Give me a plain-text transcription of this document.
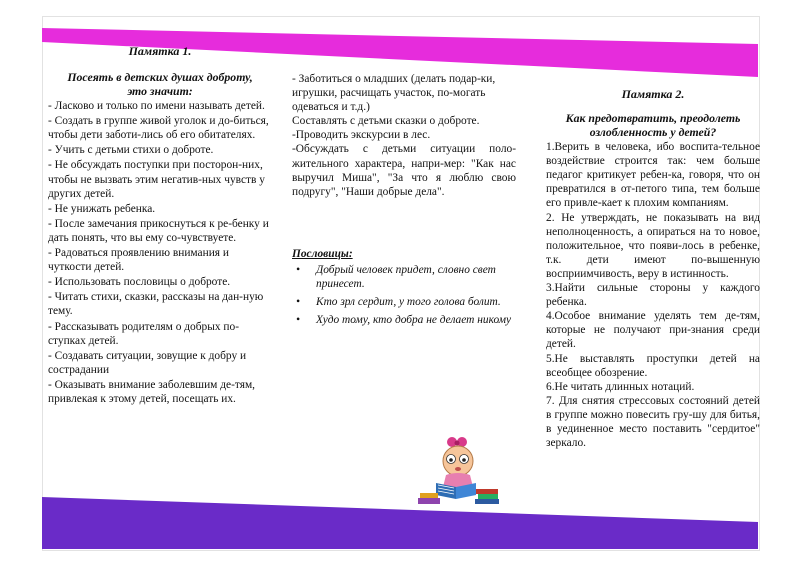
Памятка 1.

Посеять в детских душах доброту,

это значит:

- Ласково и только по имени называть детей.
- Создать в группе живой уголок и до-биться, чтобы дети заботи-лись об его обитателях.
- Учить с детьми стихи о доброте.
- Не обсуждать поступки при посторон-них, чтобы не вызвать этим негатив-ных чувств у других детей.
- Не унижать ребенка.
- После замечания прикоснуться к ре-бенку и дать понять, что вы ему со-чувствуете.
- Радоваться проявлению внимания и чуткости детей.
- Использовать пословицы о доброте.
- Читать стихи, сказки, рассказы на дан-ную тему.
- Рассказывать родителям о добрых по-ступках детей.
- Создавать ситуации, зовущие к добру и сострадании
- Оказывать внимание заболевшим де-тям, привлекая к этому детей, посещать их.
- Заботиться о младших (делать подар-ки, игрушки, расчищать участок, по-могать одеваться и т.д.)
Составлять с детьми сказки о доброте.
-Проводить экскурсии в лес.
-Обсуждать с детьми ситуации поло-жительного характера, напри-мер: "Как нас выручил Миша", "За что я люблю свою подругу", "Наши добрые дела".

Пословицы:

• Добрый человек придет, словно свет принесет.
• Кто зрл сердит, у того голова болит.
• Худо тому, кто добра не делает никому

Памятка 2.

Как предотвратить, преодолеть

озлобленность у детей?

1.Верить в человека, ибо воспита-тельное воздействие строится так: чем больше педагог критикует ребен-ка, говоря, что он превратился в от-петого типа, тем больше его привле-кает к плохим компаниям.
2. Не утверждать, не показывать на вид неполноценность, а опираться на то новое, положительное, что появи-лось в ребенке, т.к. дети имеют по-вышенную восприимчивость, веру в истинность.
3.Найти сильные стороны у каждого ребенка.
4.Особое внимание уделять тем де-тям, которые не получают при-знания среди детей.
5.Не выставлять проступки детей на всеобщее обозрение.
6.Не читать длинных нотаций.
7. Для снятия стрессовых состояний детей в группе можно повесить гру-шу для битья, в уединенное место поставить "сердитое" зеркало.
